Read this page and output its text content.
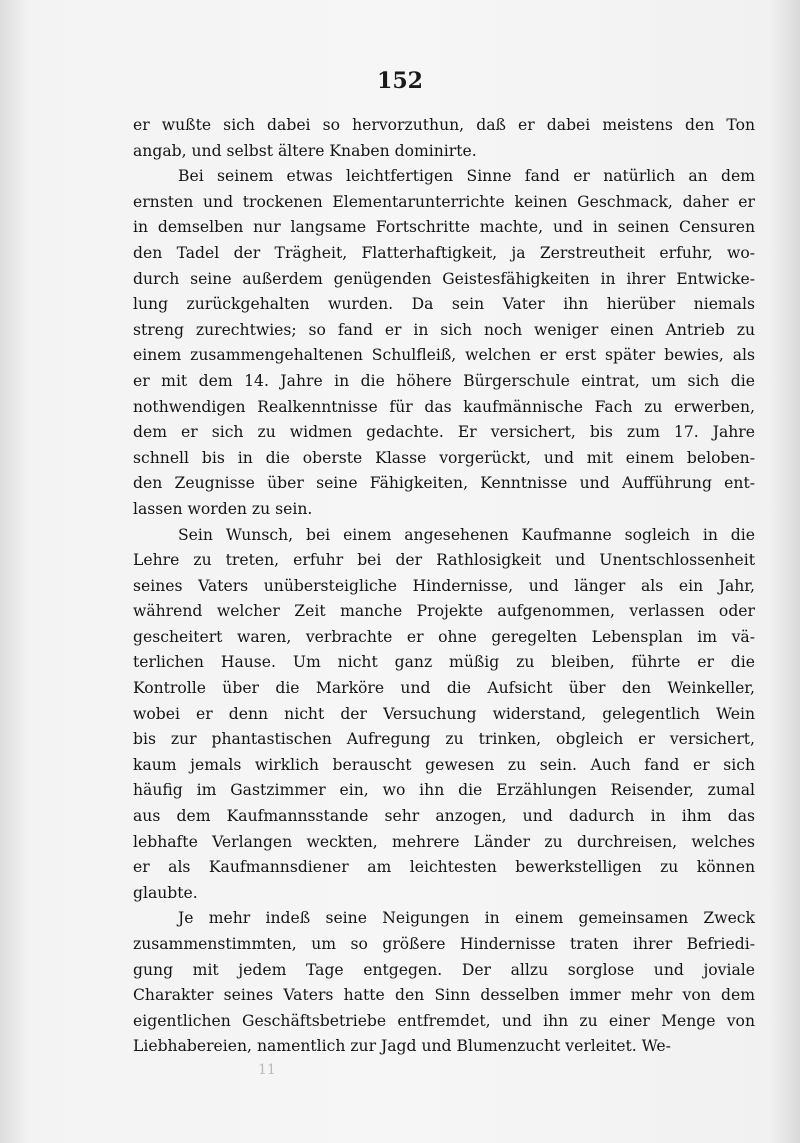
152
er wußte sich dabei so hervorzuthun, daß er dabei meistens den Ton
angab, und selbst ältere Knaben dominirte.
Bei seinem etwas leichtfertigen Sinne fand er natürlich an dem
ernsten und trockenen Elementarunterrichte keinen Geschmack, daher er
in demselben nur langsame Fortschritte machte, und in seinen Censuren
den Tadel der Trägheit, Flatterhaftigkeit, ja Zerstreutheit erfuhr, wo-
durch seine außerdem genügenden Geistesfähigkeiten in ihrer Entwicke-
lung zurückgehalten wurden. Da sein Vater ihn hierüber niemals
streng zurechtwies; so fand er in sich noch weniger einen Antrieb zu
einem zusammengehaltenen Schulfleiß, welchen er erst später bewies, als
er mit dem 14. Jahre in die höhere Bürgerschule eintrat, um sich die
nothwendigen Realkenntnisse für das kaufmännische Fach zu erwerben,
dem er sich zu widmen gedachte. Er versichert, bis zum 17. Jahre
schnell bis in die oberste Klasse vorgerückt, und mit einem beloben-
den Zeugnisse über seine Fähigkeiten, Kenntnisse und Aufführung ent-
lassen worden zu sein.
Sein Wunsch, bei einem angesehenen Kaufmanne sogleich in die
Lehre zu treten, erfuhr bei der Rathlosigkeit und Unentschlossenheit
seines Vaters unübersteigliche Hindernisse, und länger als ein Jahr,
während welcher Zeit manche Projekte aufgenommen, verlassen oder
gescheitert waren, verbrachte er ohne geregelten Lebensplan im vä-
terlichen Hause. Um nicht ganz müßig zu bleiben, führte er die
Kontrolle über die Markörе und die Aufsicht über den Weinkeller,
wobei er denn nicht der Versuchung widerstand, gelegentlich Wein
bis zur phantastischen Aufregung zu trinken, obgleich er versichert,
kaum jemals wirklich berauscht gewesen zu sein. Auch fand er sich
häufig im Gastzimmer ein, wo ihn die Erzählungen Reisender, zumal
aus dem Kaufmannsstande sehr anzogen, und dadurch in ihm das
lebhafte Verlangen weckten, mehrere Länder zu durchreisen, welches
er als Kaufmannsdiener am leichtesten bewerkstelligen zu können
glaubte.
Je mehr indeß seine Neigungen in einem gemeinsamen Zweck
zusammenstimmten, um so größere Hindernisse traten ihrer Befriedi-
gung mit jedem Tage entgegen. Der allzu sorglose und joviale
Charakter seines Vaters hatte den Sinn desselben immer mehr von dem
eigentlichen Geschäftsbetriebe entfremdet, und ihn zu einer Menge von
Liebhabereien, namentlich zur Jagd und Blumenzucht verleitet. We-
11
